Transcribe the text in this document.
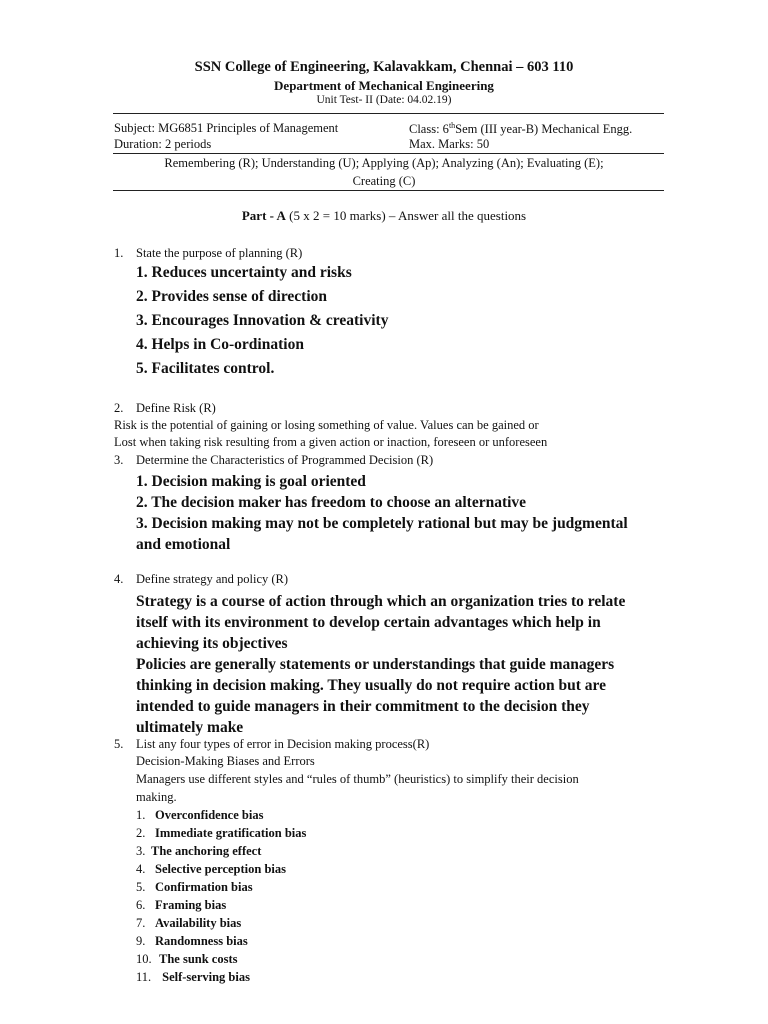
SSN College of Engineering, Kalavakkam, Chennai – 603 110
Department of Mechanical Engineering
Unit Test- II (Date: 04.02.19)
Subject: MG6851 Principles of Management	Class: 6thSem (III year-B) Mechanical Engg.
Duration: 2 periods	Max. Marks: 50
Remembering (R); Understanding (U); Applying (Ap); Analyzing (An); Evaluating (E);
Creating (C)
Part - A (5 x 2 = 10 marks) – Answer all the questions
1. State the purpose of planning (R)
1. Reduces uncertainty and risks
2. Provides sense of direction
3. Encourages Innovation & creativity
4. Helps in Co-ordination
5. Facilitates control.
2. Define Risk (R)
Risk is the potential of gaining or losing something of value. Values can be gained or
Lost when taking risk resulting from a given action or inaction, foreseen or unforeseen
3. Determine the Characteristics of Programmed Decision (R)
1. Decision making is goal oriented
2. The decision maker has freedom to choose an alternative
3. Decision making may not be completely rational but may be judgmental
and emotional
4. Define strategy and policy (R)
Strategy is a course of action through which an organization tries to relate
itself with its environment to develop certain advantages which help in
achieving its objectives
Policies are generally statements or understandings that guide managers
thinking in decision making. They usually do not require action but are
intended to guide managers in their commitment to the decision they
ultimately make
5. List any four types of error in Decision making process(R)
Decision-Making Biases and Errors
Managers use different styles and “rules of thumb” (heuristics) to simplify their decision
making.
1. Overconfidence bias
2. Immediate gratification bias
3. The anchoring effect
4. Selective perception bias
5. Confirmation bias
6. Framing bias
7. Availability bias
9. Randomness bias
10. The sunk costs
11. Self-serving bias
